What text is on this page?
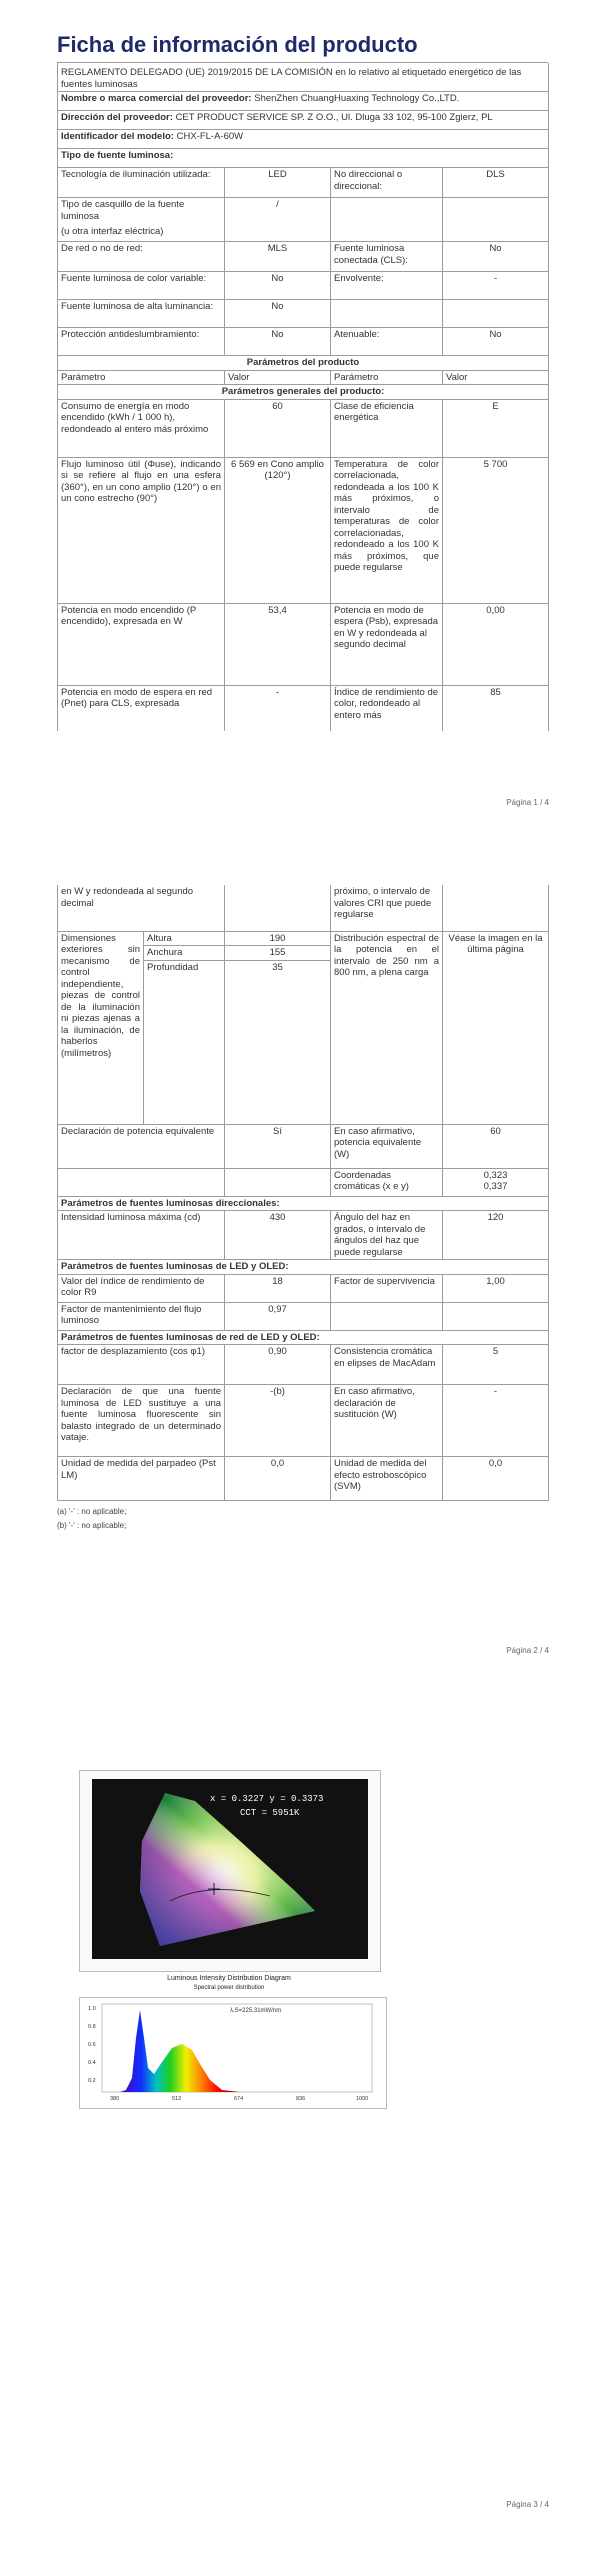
Ficha de información del producto
REGLAMENTO DELEGADO (UE) 2019/2015 DE LA COMISIÓN en lo relativo al etiquetado energético de las fuentes luminosas			
Nombre o marca comercial del proveedor: ShenZhen ChuangHuaxing Technology Co.,LTD.			
Dirección del proveedor: CET PRODUCT SERVICE SP. Z O.O., Ul. Dluga 33 102, 95-100 Zgierz, PL			
Identificador del modelo: CHX-FL-A-60W			
Tipo de fuente luminosa:			
Tecnología de iluminación utilizada:	LED	No direccional o direccional:	DLS

Tipo de casquillo de la fuente luminosa
(u otra interfaz eléctrica)	/		
De red o no de red:	MLS	Fuente luminosa conectada (CLS):	No
Fuente luminosa de color variable:	No	Envolvente:	-
Fuente luminosa de alta luminancia:	No		
Protección antideslumbramiento:	No	Atenuable:	No
Parámetros del producto			
Parámetro	Valor	Parámetro	Valor
Parámetros generales del producto:			
Consumo de energía en modo encendido (kWh / 1 000 h), redondeado al entero más próximo	60	Clase de eficiencia energética	E
Flujo luminoso útil (Φuse), indicando si se refiere al flujo en una esfera (360°), en un cono amplio (120°) o en un cono estrecho (90°)	6 569 en Cono amplio (120°)	Temperatura de color correlacionada, redondeada a los 100 K más próximos, o intervalo de temperaturas de color correlacionadas, redondeado a los 100 K más próximos, que puede regularse	5 700
Potencia en modo encendido (P encendido), expresada en W	53,4	Potencia en modo de espera (Psb), expresada en W y redondeada al segundo decimal	0,00
Potencia en modo de espera en red (Pnet) para CLS, expresada	-	Índice de rendimiento de color, redondeado al entero más	85
Página 1 / 4
en W y redondeada al segundo decimal			próximo, o intervalo de valores CRI que puede regularse	
Dimensiones exteriores sin mecanismo de control independiente, piezas de control de la iluminación ni piezas ajenas a la iluminación, de haberlos (milímetros)	Altura	190	Distribución espectral de la potencia en el intervalo de 250 nm a 800 nm, a plena carga	Véase la imagen en la última página
	Anchura	155		
	Profundidad	35		
Declaración de potencia equivalente		Sí	En caso afirmativo, potencia equivalente (W)	60
			Coordenadas cromáticas (x e y)	0,323
0,337

Parámetros de fuentes luminosas direccionales:				
Intensidad luminosa máxima (cd)		430	Ángulo del haz en grados, o intervalo de ángulos del haz que puede regularse	120
Parámetros de fuentes luminosas de LED y OLED:				
Valor del índice de rendimiento de color R9		18	Factor de supervivencia	1,00
Factor de mantenimiento del flujo luminoso		0,97		
Parámetros de fuentes luminosas de red de LED y OLED:				
factor de desplazamiento (cos φ1)		0,90	Consistencia cromática en elipses de MacAdam	5
Declaración de que una fuente luminosa de LED sustituye a una fuente luminosa fluorescente sin balasto integrado de un determinado vataje.		-(b)	En caso afirmativo, declaración de sustitución (W)	-
Unidad de medida del parpadeo (Pst LM)		0,0	Unidad de medida del efecto estroboscópico (SVM)	0,0
(a) '-' : no aplicable;
(b) '-' : no aplicable;
Página 2 / 4
x = 0.3227 y = 0.3373
CCT = 5951K
Luminous Intensity Distribution Diagram
Spectral power distribution
λ,S=225.31mW/nm
380	512	674	836	1000
1.0
0.8
0.6
0.4
0.2
Página 3 / 4
